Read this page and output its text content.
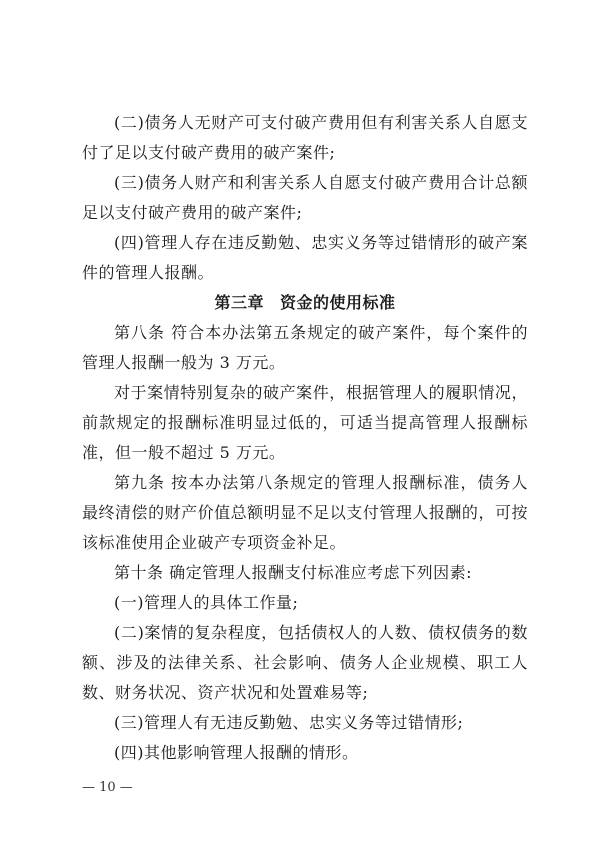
(二)债务人无财产可支付破产费用但有利害关系人自愿支付了足以支付破产费用的破产案件;

(三)债务人财产和利害关系人自愿支付破产费用合计总额足以支付破产费用的破产案件;

(四)管理人存在违反勤勉、忠实义务等过错情形的破产案件的管理人报酬。

第三章 资金的使用标准

第八条 符合本办法第五条规定的破产案件，每个案件的管理人报酬一般为 3 万元。

对于案情特别复杂的破产案件，根据管理人的履职情况，前款规定的报酬标准明显过低的，可适当提高管理人报酬标准，但一般不超过 5 万元。

第九条 按本办法第八条规定的管理人报酬标准，债务人最终清偿的财产价值总额明显不足以支付管理人报酬的，可按该标准使用企业破产专项资金补足。

第十条 确定管理人报酬支付标准应考虑下列因素:

(一)管理人的具体工作量;

(二)案情的复杂程度，包括债权人的人数、债权债务的数额、涉及的法律关系、社会影响、债务人企业规模、职工人数、财务状况、资产状况和处置难易等;

(三)管理人有无违反勤勉、忠实义务等过错情形;

(四)其他影响管理人报酬的情形。

— 10 —
